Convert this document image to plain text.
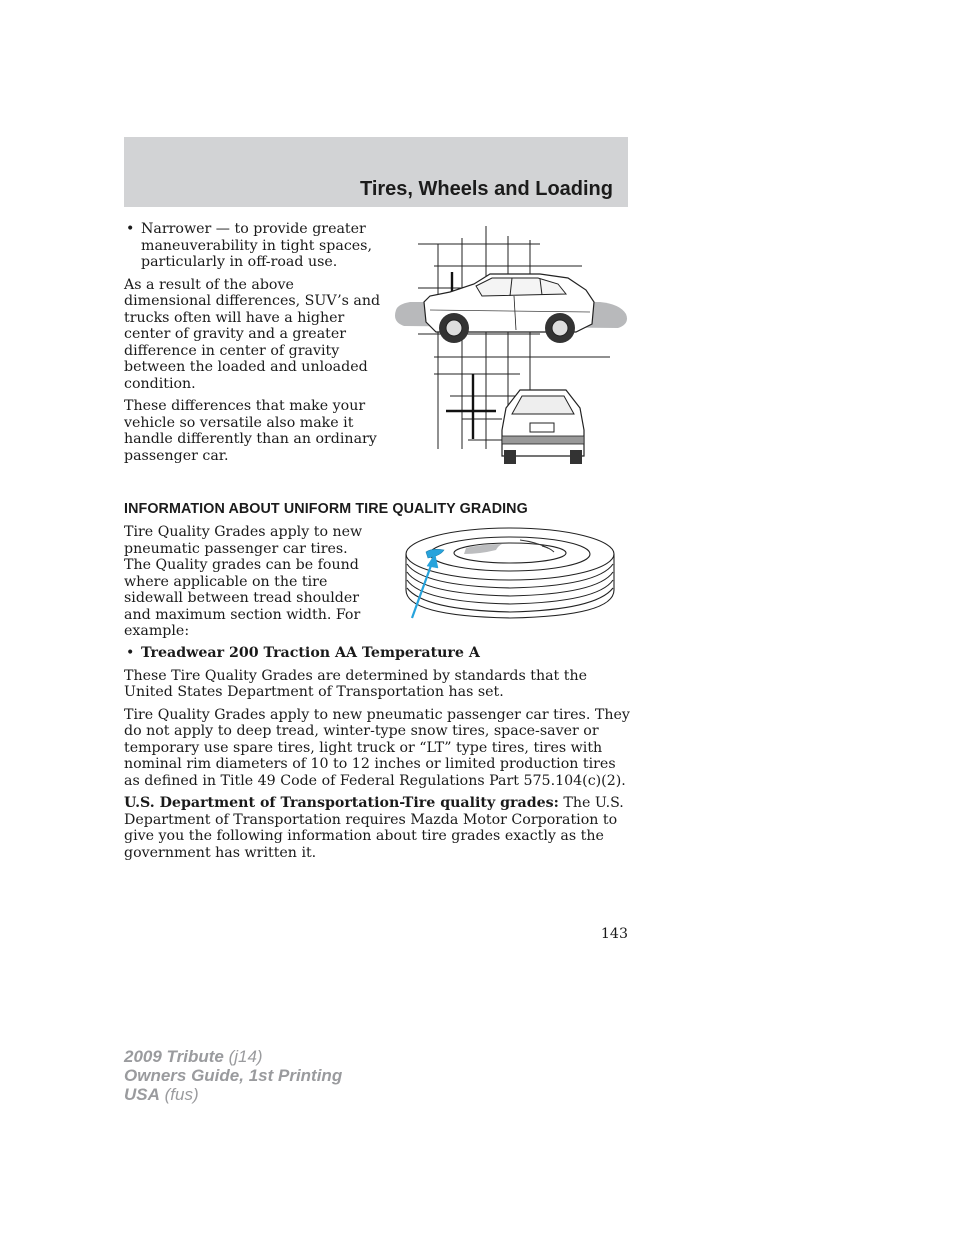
Tires, Wheels and Loading
• Narrower — to provide greater maneuverability in tight spaces, particularly in off-road use.

As a result of the above dimensional differences, SUV’s and trucks often will have a higher center of gravity and a greater difference in center of gravity between the loaded and unloaded condition.

These differences that make your vehicle so versatile also make it handle differently than an ordinary passenger car.

INFORMATION ABOUT UNIFORM TIRE QUALITY GRADING

Tire Quality Grades apply to new pneumatic passenger car tires. The Quality grades can be found where applicable on the tire sidewall between tread shoulder and maximum section width. For example:

• Treadwear 200 Traction AA Temperature A

These Tire Quality Grades are determined by standards that the United States Department of Transportation has set.

Tire Quality Grades apply to new pneumatic passenger car tires. They do not apply to deep tread, winter-type snow tires, space-saver or temporary use spare tires, light truck or “LT” type tires, tires with nominal rim diameters of 10 to 12 inches or limited production tires as defined in Title 49 Code of Federal Regulations Part 575.104(c)(2).

U.S. Department of Transportation-Tire quality grades: The U.S. Department of Transportation requires Mazda Motor Corporation to give you the following information about tire grades exactly as the government has written it.

143
2009 Tribute (j14)
Owners Guide, 1st Printing
USA (fus)
